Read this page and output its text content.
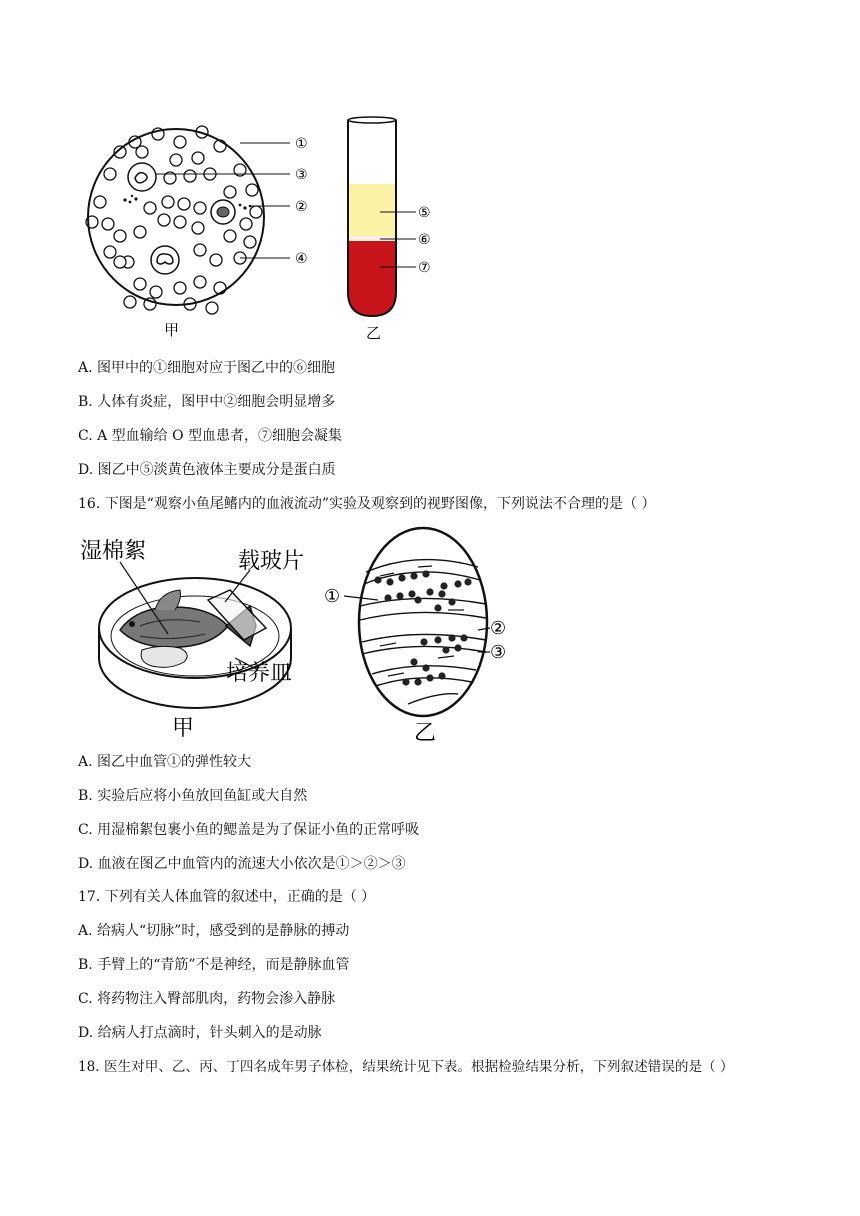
①
③
②
④
甲
⑤
⑥
⑦
乙
A. 图甲中的①细胞对应于图乙中的⑥细胞
B. 人体有炎症，图甲中②细胞会明显增多
C. A 型血输给 O 型血患者，⑦细胞会凝集
D. 图乙中⑤淡黄色液体主要成分是蛋白质
16. 下图是“观察小鱼尾鳍内的血液流动”实验及观察到的视野图像，下列说法不合理的是（ ）
湿棉絮	载玻片
培养皿
甲
①
②
③
乙
A. 图乙中血管①的弹性较大
B. 实验后应将小鱼放回鱼缸或大自然
C. 用湿棉絮包裹小鱼的鳃盖是为了保证小鱼的正常呼吸
D. 血液在图乙中血管内的流速大小依次是①＞②＞③
17. 下列有关人体血管的叙述中，正确的是（ ）
A. 给病人“切脉”时，感受到的是静脉的搏动
B. 手臂上的“青筋”不是神经，而是静脉血管
C. 将药物注入臀部肌肉，药物会渗入静脉
D. 给病人打点滴时，针头刺入的是动脉
18. 医生对甲、乙、丙、丁四名成年男子体检，结果统计见下表。根据检验结果分析，下列叙述错误的是（ ）
